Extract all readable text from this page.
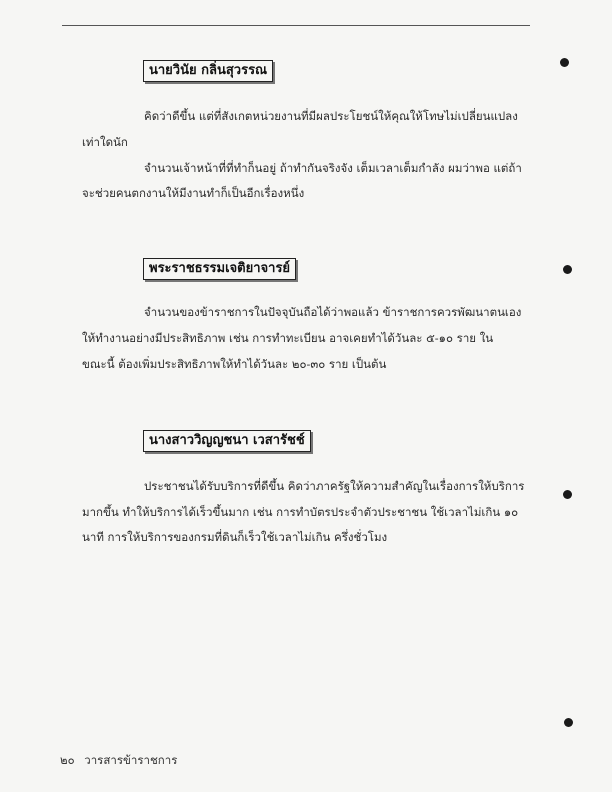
นายวินัย กลิ่นสุวรรณ
คิดว่าดีขึ้น แต่ที่สังเกตหน่วยงานที่มีผลประโยชน์ให้คุณให้โทษไม่เปลี่ยนแปลง
เท่าใดนัก
จำนวนเจ้าหน้าที่ที่ทำก็นอยู่ ถ้าทำกันจริงจัง เต็มเวลาเต็มกำลัง ผมว่าพอ แต่ถ้า
จะช่วยคนตกงานให้มีงานทำก็เป็นอีกเรื่องหนึ่ง
พระราชธรรมเจติยาจารย์
จำนวนของข้าราชการในปัจจุบันถือได้ว่าพอแล้ว ข้าราชการควรพัฒนาตนเอง
ให้ทำงานอย่างมีประสิทธิภาพ เช่น การทำทะเบียน อาจเคยทำได้วันละ ๕-๑๐ ราย ใน
ขณะนี้ ต้องเพิ่มประสิทธิภาพให้ทำได้วันละ ๒๐-๓๐ ราย เป็นต้น
นางสาววิญญชนา เวสารัชช์
ประชาชนได้รับบริการที่ดีขึ้น คิดว่าภาครัฐให้ความสำคัญในเรื่องการให้บริการ
มากขึ้น ทำให้บริการได้เร็วขึ้นมาก เช่น การทำบัตรประจำตัวประชาชน ใช้เวลาไม่เกิน ๑๐
นาที การให้บริการของกรมที่ดินก็เร็วใช้เวลาไม่เกิน ครึ่งชั่วโมง
๒๐ วารสารข้าราชการ
